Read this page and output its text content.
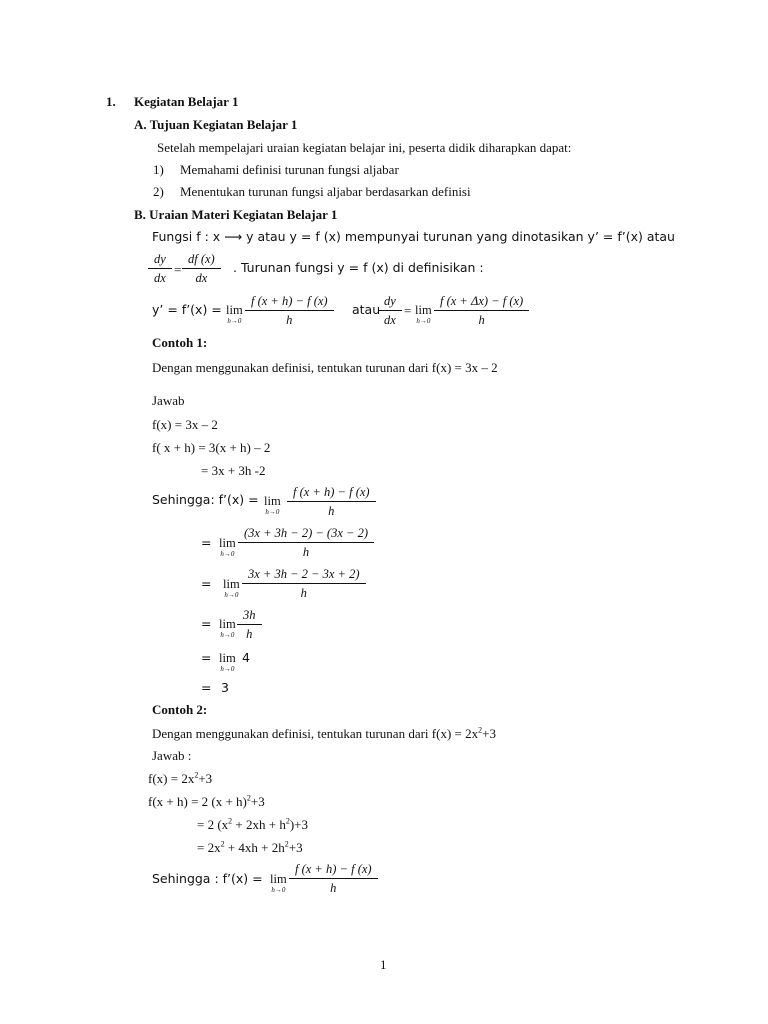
1. Kegiatan Belajar 1
A. Tujuan Kegiatan Belajar 1
Setelah mempelajari uraian kegiatan belajar ini, peserta didik diharapkan dapat:
1) Memahami definisi turunan fungsi aljabar
2) Menentukan turunan fungsi aljabar berdasarkan definisi
B. Uraian Materi Kegiatan Belajar 1
Fungsi f : x ⟶ y atau y = f (x) mempunyai turunan yang dinotasikan y’ = f’(x) atau
$\frac{dy}{dx} = \frac{df (x)}{dx}$ . Turunan fungsi y = f (x) di definisikan :
y’ = f’(x) = lim
$h\to 0 \frac{f (x + h) - f (x)}{h}$ atau $\frac{dy}{dx} = \lim$
$h\to 0 \frac{f (x + \Delta x) - f (x)}{h}$
Contoh 1:
Dengan menggunakan definisi, tentukan turunan dari f(x) = 3x – 2
Jawab
f(x) = 3x – 2
f( x + h) = 3(x + h) – 2
= 3x + 3h -2
Sehingga: f’(x) = lim
$h\to 0 \frac{f (x + h) - f (x)}{h}$
= lim
$h\to 0 \frac{(3x + 3h - 2) - (3x - 2)}{h}$
= lim
$h\to 0 \frac{3x + 3h - 2 - 3x + 2)}{h}$
= lim
$h\to 0 \frac{3h}{h}$
= lim
h→0
4
= 3
Contoh 2:
Dengan menggunakan definisi, tentukan turunan dari $f(x) = 2x^2+3$
Jawab :
$f(x) = 2x^2+3$
f(x + h) = 2 $(x + h)^2+3$
= 2 $(x^2 + 2xh + h^2)+3$
= $2x^2 + 4xh + 2h^2+3$
Sehingga : f’(x) = lim
$h\to 0 \frac{f (x + h) - f (x)}{h}$
1
